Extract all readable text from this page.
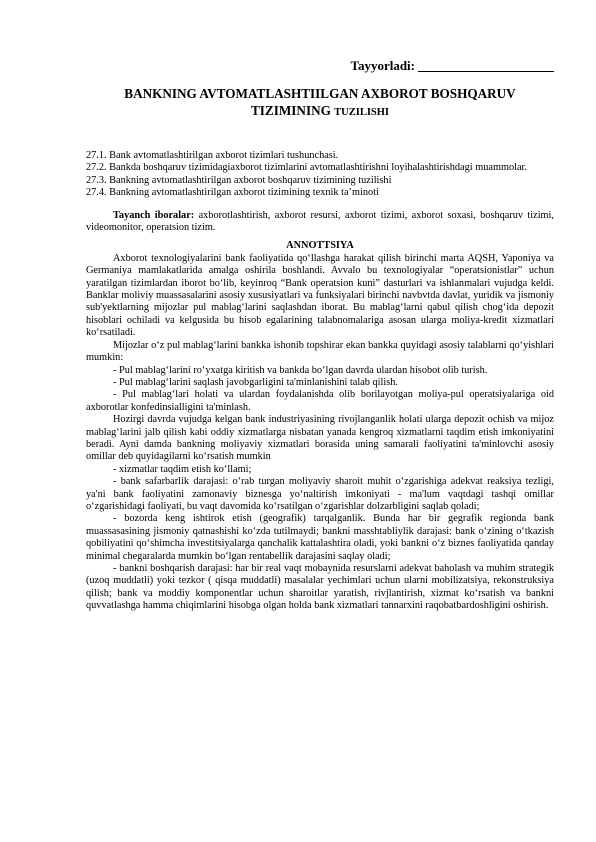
Tayyorladi:
BANKNING AVTOMATLASHTIILGAN AXBOROT BOSHQARUV
TIZIMINING TUZILISHI

27.1. Bank avtomatlashtirilgan axborot tizimlari tushunchasi.

27.2. Bankda boshqaruv tizimidagiaxborot tizimlarini avtomatlashtirishni loyihalashtirishdagi muammolar.

27.3. Bankning avtomatlashtirilgan axborot boshqaruv tizimining tuzilishi

27.4. Bankning avtomatlashtirilgan axborot tizimining texnik ta’minoti

Tayanch iboralar: axborotlashtirish, axborot resursi, axborot tizimi, axborot soxasi, boshqaruv tizimi, videomonitor, operatsion tizim.

ANNOTTSIYA

Axborot texnologiyalarini bank faoliyatida qo‘llashga harakat qilish birinchi marta AQSH, Yaponiya va Germaniya mamlakatlarida amalga oshirila boshlandi. Avvalo bu texnologiyalar “operatsionistlar” uchun yaratilgan tizimlardan iborot bo‘lib, keyinroq “Bank operatsion kuni” dasturlari va ishlanmalari vujudga keldi. Banklar moliviy muassasalarini asosiy xususiyatlari va funksiyalari birinchi navbvtda davlat, yuridik va jismoniy sub'yektlarning mijozlar pul mablag‘larini saqlashdan iborat. Bu mablag‘larni qabul qilish chog‘ida depozit hisoblari ochiladi va kelgusida bu hisob egalarining talabnomalariga asosan ularga moliya-kredit xizmatlari ko‘rsatiladi.

Mijozlar o‘z pul mablag‘larini bankka ishonib topshirar ekan bankka quyidagi asosiy talablarni qo‘yishlari mumkin:

- Pul mablag‘larini ro‘yxatga kiritish va bankda bo‘lgan davrda ulardan hisobot olib turish.

- Pul mablag‘larini saqlash javobgarligini ta'minlanishini talab qilish.

- Pul mablag‘lari holati va ulardan foydalanishda olib borilayotgan moliya-pul operatsiyalariga oid axborotlar konfedinsialligini ta'minlash.

Hozirgi davrda vujudga kelgan bank industriyasining rivojlanganlik holati ularga depozit ochish va mijoz mablag‘larini jalb qilish kabi oddiy xizmatlarga nisbatan yanada kengroq xizmatlarni taqdim etish imkoniyatini beradi. Ayni damda bankning moliyaviy xizmatlari borasida uning samarali faoliyatini ta'minlovchi asosiy omillar deb quyidagilarni ko‘rsatish mumkin

- xizmatlar taqdim etish ko‘llami;

- bank safarbarlik darajasi: o‘rab turgan moliyaviy sharoit muhit o‘zgarishiga adekvat reaksiya tezligi, ya'ni bank faoliyatini zamonaviy biznesga yo‘naltirish imkoniyati - ma'lum vaqtdagi tashqi omillar o‘zgarishidagi faoliyati, bu vaqt davomida ko‘rsatilgan o‘zgarishlar dolzarbligini saqlab qoladi;

- bozorda keng ishtirok etish (geografik) tarqalganlik. Bunda har bir gegrafik regionda bank muassasasining jismoniy qatnashishi ko‘zda tutilmaydi; bankni masshtabliylik darajasi: bank o‘zining o‘tkazish qobiliyatini qo‘shimcha investitsiyalarga qanchalik kattalashtira oladi, yoki bankni o‘z biznes faoliyatida qanday minimal chegaralarda mumkin bo‘lgan rentabellik darajasini saqlay oladi;

- bankni boshqarish darajasi: har bir real vaqt mobaynida resurslarni adekvat baholash va muhim strategik (uzoq muddatli) yoki tezkor ( qisqa muddatli) masalalar yechimlari uchun ularni mobilizatsiya, rekonstruksiya qilish; bank va moddiy komponentlar uchun sharoitlar yaratish, rivjlantirish, xizmat ko‘rsatish va bankni quvvatlashga hamma chiqimlarini hisobga olgan holda bank xizmatlari tannarxini raqobatbardoshligini oshirish.
